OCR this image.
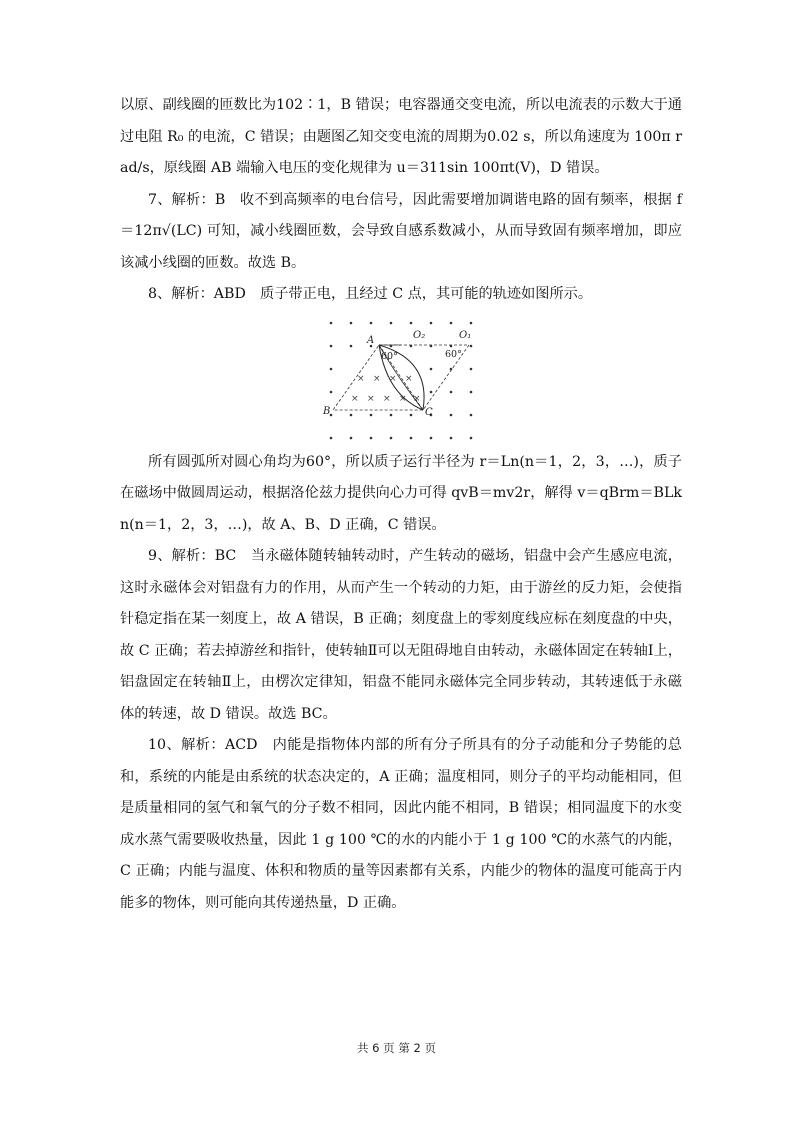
以原、副线圈的匝数比为102∶1，B 错误；电容器通交变电流，所以电流表的示数大于通过电阻 R₀ 的电流，C 错误；由题图乙知交变电流的周期为0.02 s，所以角速度为 100π rad/s，原线圈 AB 端输入电压的变化规律为 u＝311sin 100πt(V)，D 错误。

7、解析：B　收不到高频率的电台信号，因此需要增加调谐电路的固有频率，根据 f＝12π√(LC) 可知，减小线圈匝数，会导致自感系数减小，从而导致固有频率增加，即应该减小线圈的匝数。故选 B。

8、解析：ABD　质子带正电，且经过 C 点，其可能的轨迹如图所示。

× × × ×
× × × × ×
A
B	C
O₂	O₁
60°	60°

所有圆弧所对圆心角均为60°，所以质子运行半径为 r＝Ln(n＝1，2，3，…)，质子在磁场中做圆周运动，根据洛伦兹力提供向心力可得 qvB＝mv2r，解得 v＝qBrm＝BLkn(n＝1，2，3，…)，故 A、B、D 正确，C 错误。

9、解析：BC　当永磁体随转轴转动时，产生转动的磁场，铝盘中会产生感应电流，这时永磁体会对铝盘有力的作用，从而产生一个转动的力矩，由于游丝的反力矩，会使指针稳定指在某一刻度上，故 A 错误，B 正确；刻度盘上的零刻度线应标在刻度盘的中央，故 C 正确；若去掉游丝和指针，使转轴Ⅱ可以无阻碍地自由转动，永磁体固定在转轴Ⅰ上，铝盘固定在转轴Ⅱ上，由楞次定律知，铝盘不能同永磁体完全同步转动，其转速低于永磁体的转速，故 D 错误。故选 BC。

10、解析：ACD　内能是指物体内部的所有分子所具有的分子动能和分子势能的总和，系统的内能是由系统的状态决定的，A 正确；温度相同，则分子的平均动能相同，但是质量相同的氢气和氧气的分子数不相同，因此内能不相同，B 错误；相同温度下的水变成水蒸气需要吸收热量，因此 1 g 100 ℃的水的内能小于 1 g 100 ℃的水蒸气的内能，C 正确；内能与温度、体积和物质的量等因素都有关系，内能少的物体的温度可能高于内能多的物体，则可能向其传递热量，D 正确。

共 6 页 第 2 页
